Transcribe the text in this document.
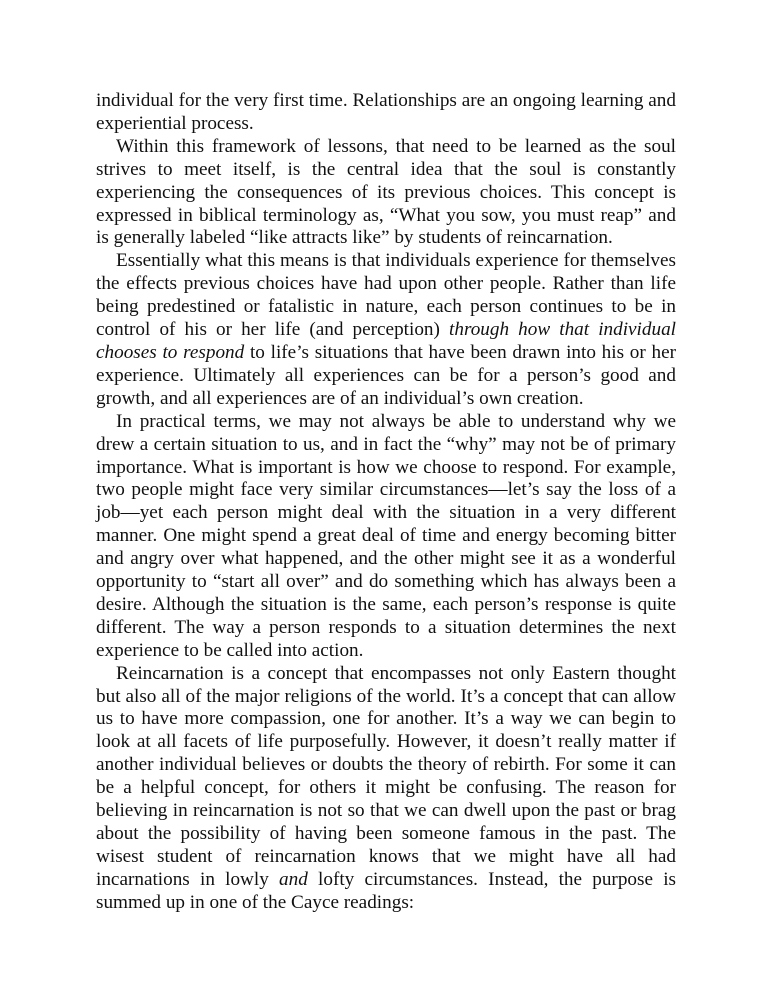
individual for the very first time. Relationships are an ongoing learning and experiential process.

Within this framework of lessons, that need to be learned as the soul strives to meet itself, is the central idea that the soul is constantly experiencing the consequences of its previous choices. This concept is expressed in biblical terminology as, “What you sow, you must reap” and is generally labeled “like attracts like” by students of reincarnation.

Essentially what this means is that individuals experience for themselves the effects previous choices have had upon other people. Rather than life being predestined or fatalistic in nature, each person continues to be in control of his or her life (and perception) through how that individual chooses to respond to life’s situations that have been drawn into his or her experience. Ultimately all experiences can be for a person’s good and growth, and all experiences are of an individual’s own creation.

In practical terms, we may not always be able to understand why we drew a certain situation to us, and in fact the “why” may not be of primary importance. What is important is how we choose to respond. For example, two people might face very similar circumstances—let’s say the loss of a job—yet each person might deal with the situation in a very different manner. One might spend a great deal of time and energy becoming bitter and angry over what happened, and the other might see it as a wonderful opportunity to “start all over” and do something which has always been a desire. Although the situation is the same, each person’s response is quite different. The way a person responds to a situation determines the next experience to be called into action.

Reincarnation is a concept that encompasses not only Eastern thought but also all of the major religions of the world. It’s a concept that can allow us to have more compassion, one for another. It’s a way we can begin to look at all facets of life purposefully. However, it doesn’t really matter if another individual believes or doubts the theory of rebirth. For some it can be a helpful concept, for others it might be confusing. The reason for believing in reincarnation is not so that we can dwell upon the past or brag about the possibility of having been someone famous in the past. The wisest student of reincarnation knows that we might have all had incarnations in lowly and lofty circumstances. Instead, the purpose is summed up in one of the Cayce readings:
